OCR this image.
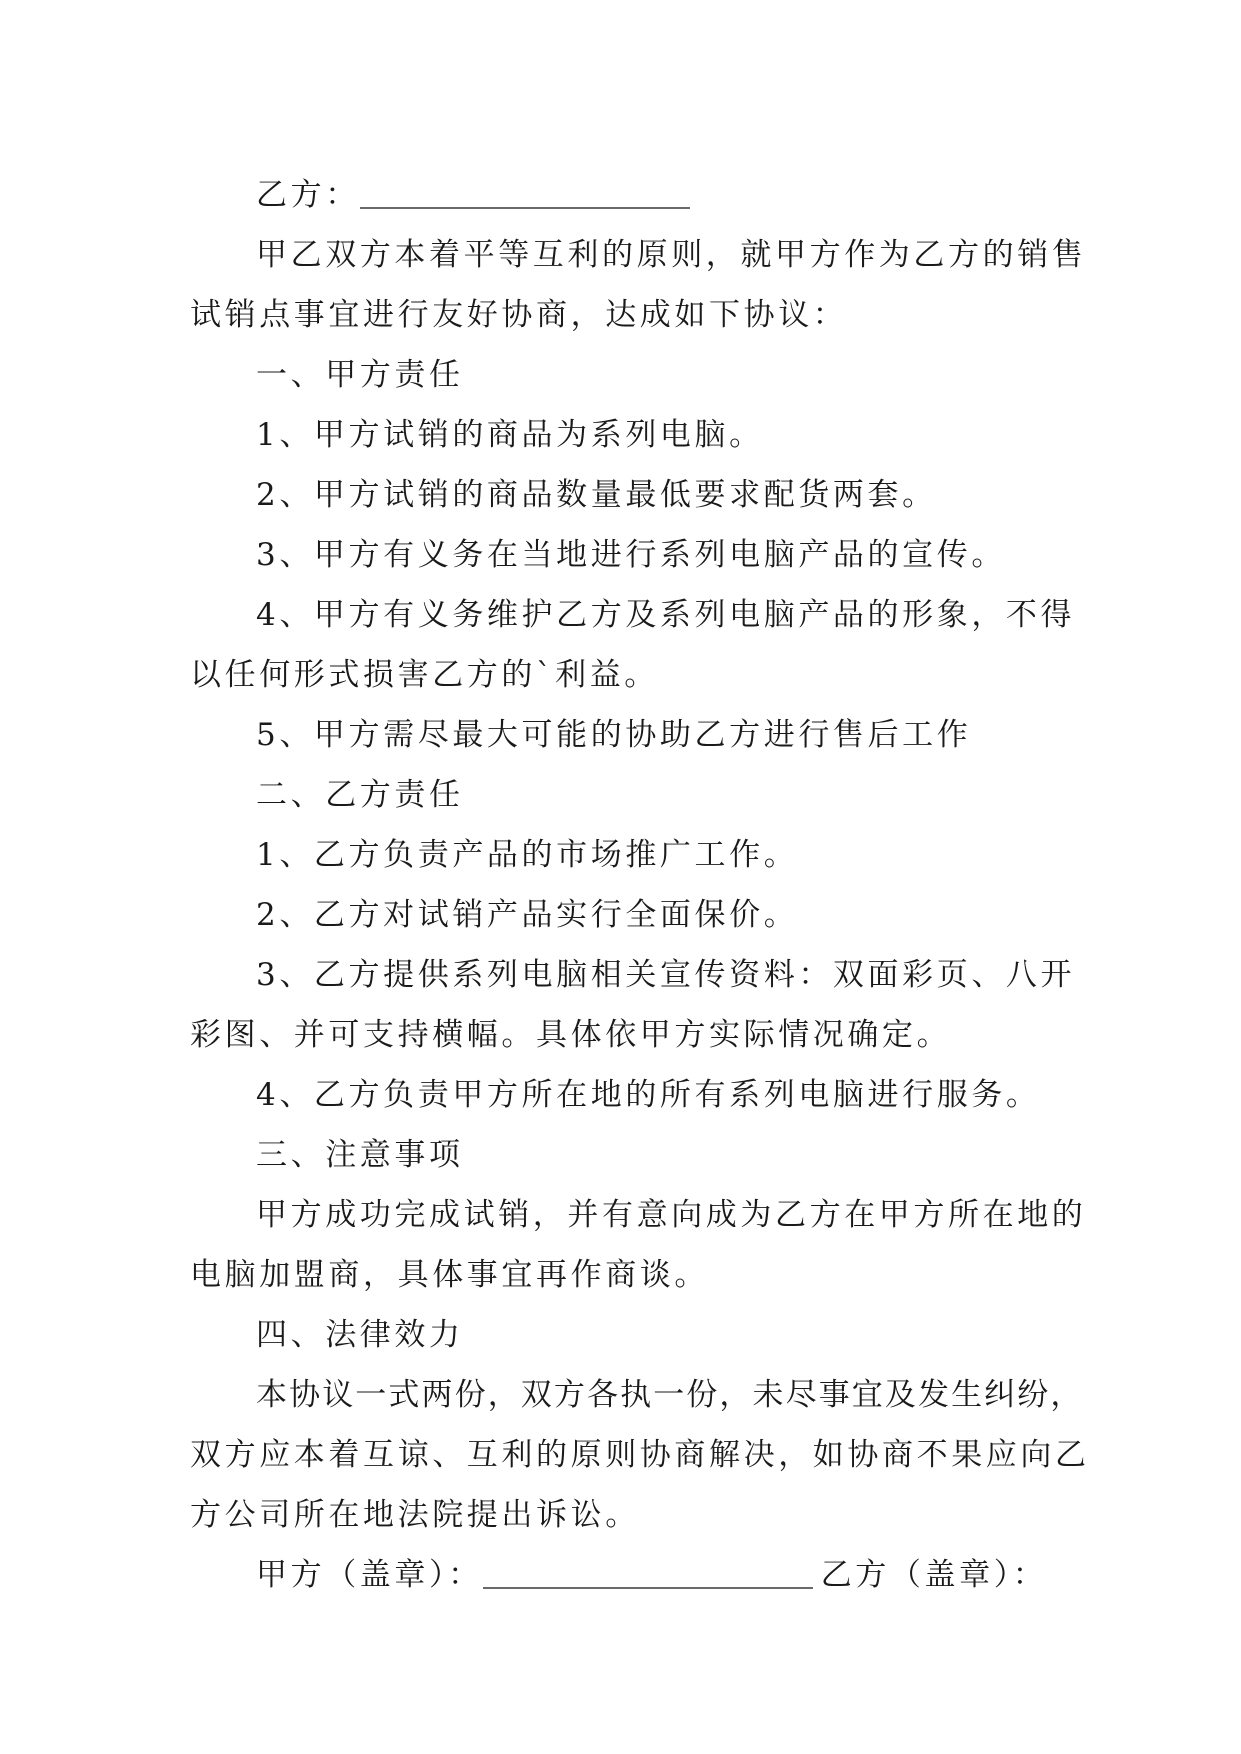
乙方：
甲乙双方本着平等互利的原则，就甲方作为乙方的销售
试销点事宜进行友好协商，达成如下协议：
一、甲方责任
1、甲方试销的商品为系列电脑。
2、甲方试销的商品数量最低要求配货两套。
3、甲方有义务在当地进行系列电脑产品的宣传。
4、甲方有义务维护乙方及系列电脑产品的形象，不得
以任何形式损害乙方的`利益。
5、甲方需尽最大可能的协助乙方进行售后工作
二、乙方责任
1、乙方负责产品的市场推广工作。
2、乙方对试销产品实行全面保价。
3、乙方提供系列电脑相关宣传资料：双面彩页、八开
彩图、并可支持横幅。具体依甲方实际情况确定。
4、乙方负责甲方所在地的所有系列电脑进行服务。
三、注意事项
甲方成功完成试销，并有意向成为乙方在甲方所在地的
电脑加盟商，具体事宜再作商谈。
四、法律效力
本协议一式两份，双方各执一份，未尽事宜及发生纠纷，
双方应本着互谅、互利的原则协商解决，如协商不果应向乙
方公司所在地法院提出诉讼。
甲方（盖章）：	乙方（盖章）：
